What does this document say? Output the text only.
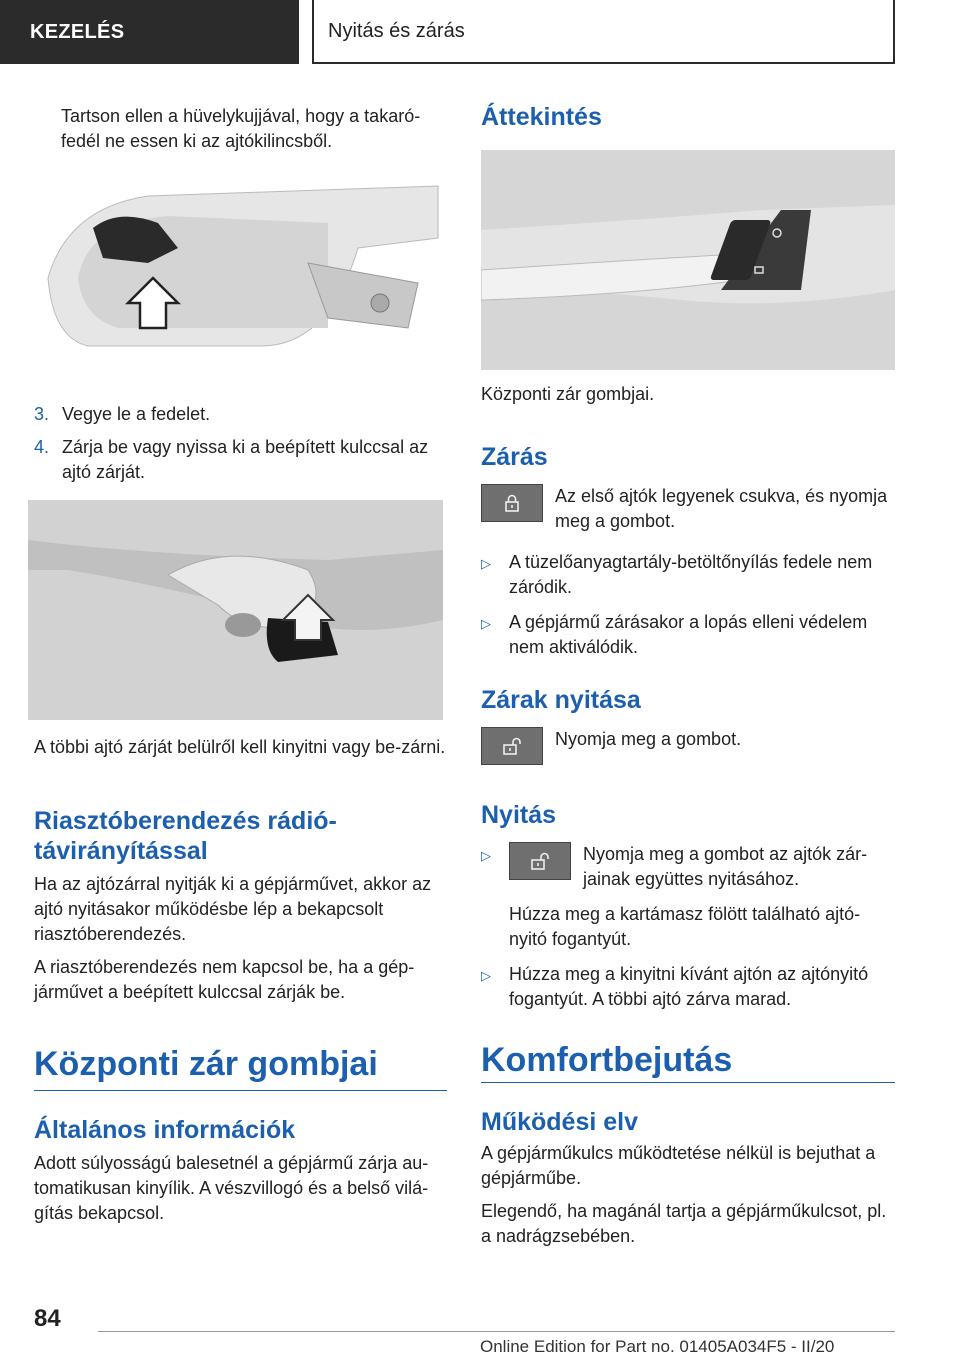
KEZELÉS	Nyitás és zárás
Tartson ellen a hüvelykujjával, hogy a takaró-fedél ne essen ki az ajtókilincsből.
3. Vegye le a fedelet.
4. Zárja be vagy nyissa ki a beépített kulccsal az ajtó zárját.
A többi ajtó zárját belülről kell kinyitni vagy be-zárni.

Riasztóberendezés rádió-távirányítással

Ha az ajtózárral nyitják ki a gépjárművet, akkor az ajtó nyitásakor működésbe lép a bekapcsolt riasztóberendezés.

A riasztóberendezés nem kapcsol be, ha a gép-járművet a beépített kulccsal zárják be.

Központi zár gombjai

Általános információk

Adott súlyosságú balesetnél a gépjármű zárja au-tomatikusan kinyílik. A vészvillogó és a belső vilá-gítás bekapcsol.

Áttekintés

Központi zár gombjai.

Zárás

Az első ajtók legyenek csukva, és nyomja meg a gombot.
▷	A tüzelőanyagtartály-betöltőnyílás fedele nem záródik.
▷	A gépjármű zárásakor a lopás elleni védelem nem aktiválódik.

Zárak nyitása

Nyomja meg a gombot.

Nyitás

▷	Nyomja meg a gombot az ajtók zár-jainak együttes nyitásához.
Húzza meg a kartámasz fölött található ajtó-nyitó fogantyút.
▷	Húzza meg a kinyitni kívánt ajtón az ajtónyitó fogantyút. A többi ajtó zárva marad.

Komfortbejutás

Működési elv

A gépjárműkulcs működtetése nélkül is bejuthat a gépjárműbe.

Elegendő, ha magánál tartja a gépjárműkulcsot, pl. a nadrágzsebében.

84
Online Edition for Part no. 01405A034F5 - II/20
